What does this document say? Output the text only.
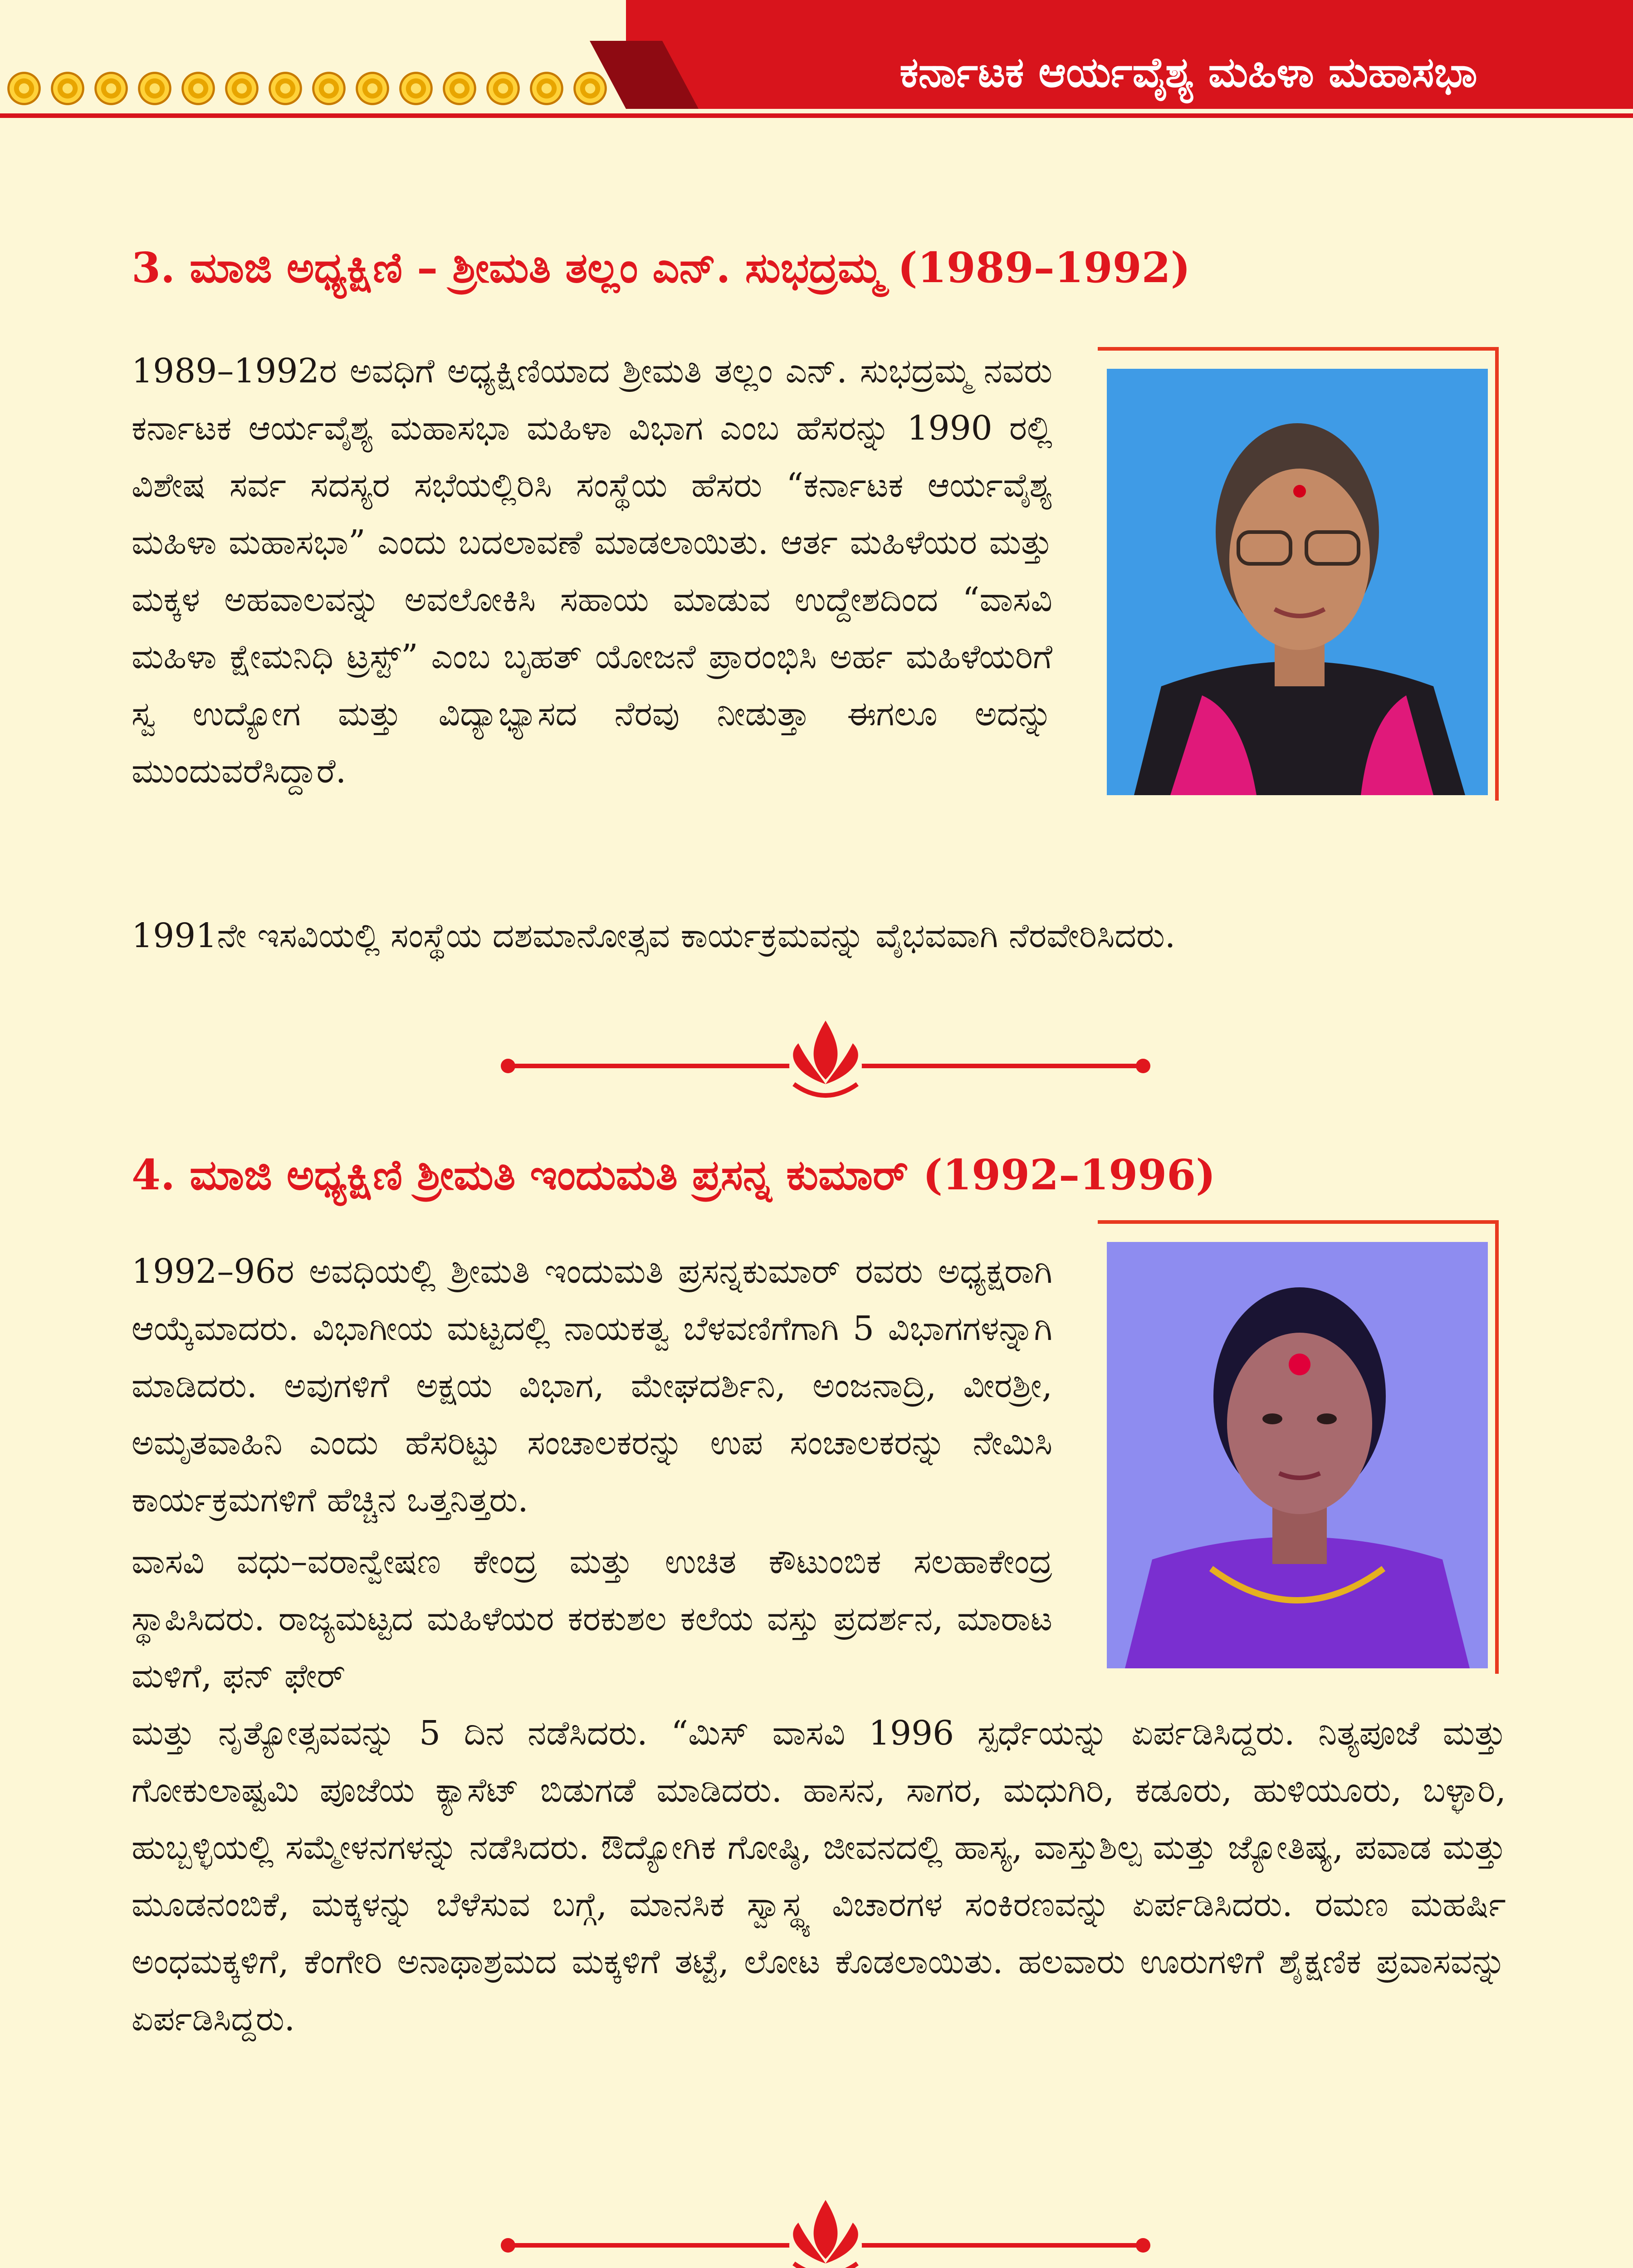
ಕರ್ನಾಟಕ ಆರ್ಯವೈಶ್ಯ ಮಹಿಳಾ ಮಹಾಸಭಾ
3. ಮಾಜಿ ಅಧ್ಯಕ್ಷಿಣಿ – ಶ್ರೀಮತಿ ತಲ್ಲಂ ಎನ್. ಸುಭದ್ರಮ್ಮ (1989–1992)

1989–1992ರ ಅವಧಿಗೆ ಅಧ್ಯಕ್ಷಿಣಿಯಾದ ಶ್ರೀಮತಿ ತಲ್ಲಂ ಎನ್. ಸುಭದ್ರಮ್ಮ ನವರು ಕರ್ನಾಟಕ ಆರ್ಯವೈಶ್ಯ ಮಹಾಸಭಾ ಮಹಿಳಾ ವಿಭಾಗ ಎಂಬ ಹೆಸರನ್ನು 1990 ರಲ್ಲಿ ವಿಶೇಷ ಸರ್ವ ಸದಸ್ಯರ ಸಭೆಯಲ್ಲಿರಿಸಿ ಸಂಸ್ಥೆಯ ಹೆಸರು “ಕರ್ನಾಟಕ ಆರ್ಯವೈಶ್ಯ ಮಹಿಳಾ ಮಹಾಸಭಾ” ಎಂದು ಬದಲಾವಣೆ ಮಾಡಲಾಯಿತು. ಆರ್ತ ಮಹಿಳೆಯರ ಮತ್ತು ಮಕ್ಕಳ ಅಹವಾಲವನ್ನು ಅವಲೋಕಿಸಿ ಸಹಾಯ ಮಾಡುವ ಉದ್ದೇಶದಿಂದ “ವಾಸವಿ ಮಹಿಳಾ ಕ್ಷೇಮನಿಧಿ ಟ್ರಸ್ಟ್” ಎಂಬ ಬೃಹತ್ ಯೋಜನೆ ಪ್ರಾರಂಭಿಸಿ ಅರ್ಹ ಮಹಿಳೆಯರಿಗೆ ಸ್ವ ಉದ್ಯೋಗ ಮತ್ತು ವಿದ್ಯಾಭ್ಯಾಸದ ನೆರವು ನೀಡುತ್ತಾ ಈಗಲೂ ಅದನ್ನು ಮುಂದುವರೆಸಿದ್ದಾರೆ.

1991ನೇ ಇಸವಿಯಲ್ಲಿ ಸಂಸ್ಥೆಯ ದಶಮಾನೋತ್ಸವ ಕಾರ್ಯಕ್ರಮವನ್ನು ವೈಭವವಾಗಿ ನೆರವೇರಿಸಿದರು.

4. ಮಾಜಿ ಅಧ್ಯಕ್ಷಿಣಿ ಶ್ರೀಮತಿ ಇಂದುಮತಿ ಪ್ರಸನ್ನ ಕುಮಾರ್ (1992–1996)

1992–96ರ ಅವಧಿಯಲ್ಲಿ ಶ್ರೀಮತಿ ಇಂದುಮತಿ ಪ್ರಸನ್ನಕುಮಾರ್ ರವರು ಅಧ್ಯಕ್ಷರಾಗಿ ಆಯ್ಕೆಮಾದರು. ವಿಭಾಗೀಯ ಮಟ್ಟದಲ್ಲಿ ನಾಯಕತ್ವ ಬೆಳವಣಿಗೆಗಾಗಿ 5 ವಿಭಾಗಗಳನ್ನಾಗಿ ಮಾಡಿದರು. ಅವುಗಳಿಗೆ ಅಕ್ಷಯ ವಿಭಾಗ, ಮೇಘದರ್ಶಿನಿ, ಅಂಜನಾದ್ರಿ, ವೀರಶ್ರೀ, ಅಮೃತವಾಹಿನಿ ಎಂದು ಹೆಸರಿಟ್ಟು ಸಂಚಾಲಕರನ್ನು ಉಪ ಸಂಚಾಲಕರನ್ನು ನೇಮಿಸಿ ಕಾರ್ಯಕ್ರಮಗಳಿಗೆ ಹೆಚ್ಚಿನ ಒತ್ತನಿತ್ತರು.

ವಾಸವಿ ವಧು–ವರಾನ್ವೇಷಣ ಕೇಂದ್ರ ಮತ್ತು ಉಚಿತ ಕೌಟುಂಬಿಕ ಸಲಹಾಕೇಂದ್ರ ಸ್ಥಾಪಿಸಿದರು. ರಾಜ್ಯಮಟ್ಟದ ಮಹಿಳೆಯರ ಕರಕುಶಲ ಕಲೆಯ ವಸ್ತು ಪ್ರದರ್ಶನ, ಮಾರಾಟ ಮಳಿಗೆ, ಫನ್ ಫೇರ್

ಮತ್ತು ನೃತ್ಯೋತ್ಸವವನ್ನು 5 ದಿನ ನಡೆಸಿದರು. “ಮಿಸ್ ವಾಸವಿ 1996 ಸ್ಪರ್ಧೆಯನ್ನು ಏರ್ಪಡಿಸಿದ್ದರು. ನಿತ್ಯಪೂಜೆ ಮತ್ತು ಗೋಕುಲಾಷ್ಟಮಿ ಪೂಜೆಯ ಕ್ಯಾಸೆಟ್ ಬಿಡುಗಡೆ ಮಾಡಿದರು. ಹಾಸನ, ಸಾಗರ, ಮಧುಗಿರಿ, ಕಡೂರು, ಹುಳಿಯೂರು, ಬಳ್ಳಾರಿ, ಹುಬ್ಬಳ್ಳಿಯಲ್ಲಿ ಸಮ್ಮೇಳನಗಳನ್ನು ನಡೆಸಿದರು. ಔದ್ಯೋಗಿಕ ಗೋಷ್ಠಿ, ಜೀವನದಲ್ಲಿ ಹಾಸ್ಯ, ವಾಸ್ತುಶಿಲ್ಪ ಮತ್ತು ಜ್ಯೋತಿಷ್ಯ, ಪವಾಡ ಮತ್ತು ಮೂಡನಂಬಿಕೆ, ಮಕ್ಕಳನ್ನು ಬೆಳೆಸುವ ಬಗ್ಗೆ, ಮಾನಸಿಕ ಸ್ವಾಸ್ಥ್ಯ ವಿಚಾರಗಳ ಸಂಕಿರಣವನ್ನು ಏರ್ಪಡಿಸಿದರು. ರಮಣ ಮಹರ್ಷಿ ಅಂಧಮಕ್ಕಳಿಗೆ, ಕೆಂಗೇರಿ ಅನಾಥಾಶ್ರಮದ ಮಕ್ಕಳಿಗೆ ತಟ್ಟೆ, ಲೋಟ ಕೊಡಲಾಯಿತು. ಹಲವಾರು ಊರುಗಳಿಗೆ ಶೈಕ್ಷಣಿಕ ಪ್ರವಾಸವನ್ನು ಏರ್ಪಡಿಸಿದ್ದರು.
